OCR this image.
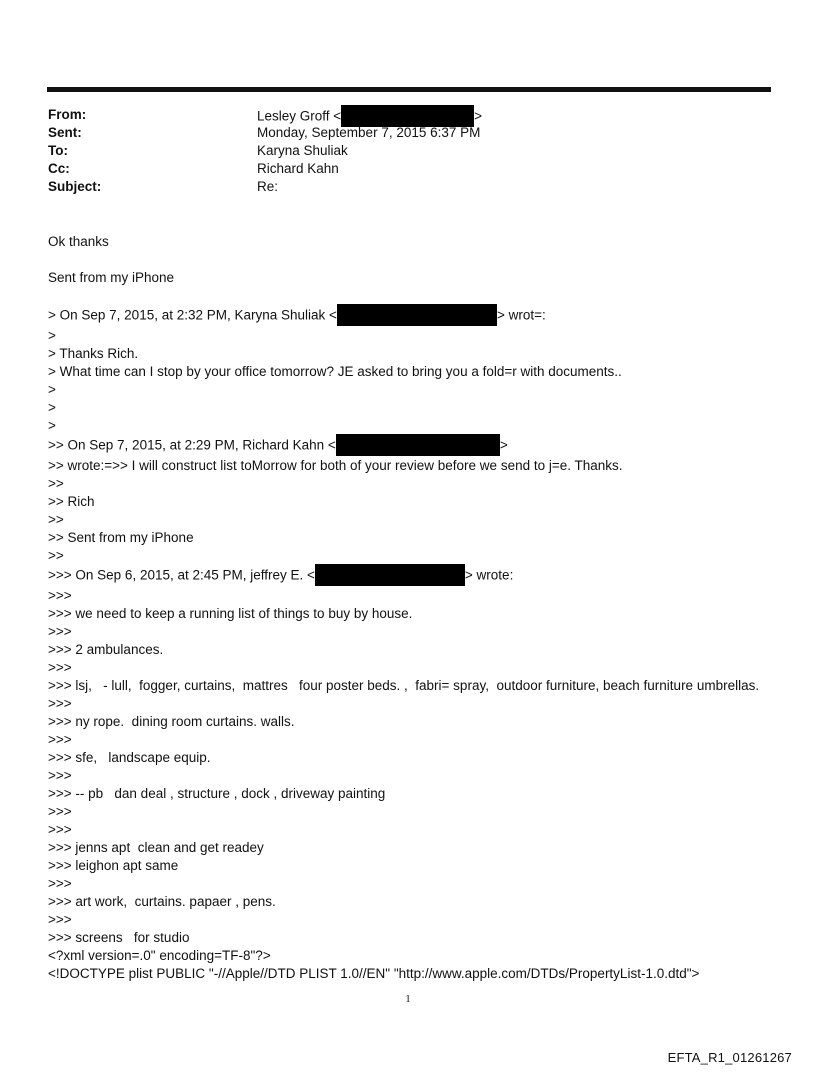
From:	Lesley Groff <	>
Sent:	Monday, September 7, 2015 6:37 PM
To:	Karyna Shuliak
Cc:	Richard Kahn
Subject:	Re:
Ok thanks
Sent from my iPhone
> On Sep 7, 2015, at 2:32 PM, Karyna Shuliak <	> wrot=:
>
> Thanks Rich.
> What time can I stop by your office tomorrow? JE asked to bring you a fold=r with documents..
>
>
>
>> On Sep 7, 2015, at 2:29 PM, Richard Kahn <	>
>> wrote:=>> I will construct list toMorrow for both of your review before we send to j=e. Thanks.
>>
>> Rich
>>
>> Sent from my iPhone
>>
>>> On Sep 6, 2015, at 2:45 PM, jeffrey E. <	> wrote:
>>>
>>> we need to keep a running list of things to buy by house.
>>>
>>> 2 ambulances.
>>>
>>> lsj,   - lull,  fogger, curtains,  mattres   four poster beds. ,  fabri= spray,  outdoor furniture, beach furniture umbrellas.
>>>
>>> ny rope.  dining room curtains. walls.
>>>
>>> sfe,   landscape equip.
>>>
>>> -- pb   dan deal , structure , dock , driveway painting
>>>
>>>
>>> jenns apt  clean and get readey
>>> leighon apt same
>>>
>>> art work,  curtains. papaer , pens.
>>>
>>> screens   for studio
<?xml version=.0" encoding=TF-8"?>
<!DOCTYPE plist PUBLIC "-//Apple//DTD PLIST 1.0//EN" "http://www.apple.com/DTDs/PropertyList-1.0.dtd">
1
EFTA_R1_01261267
